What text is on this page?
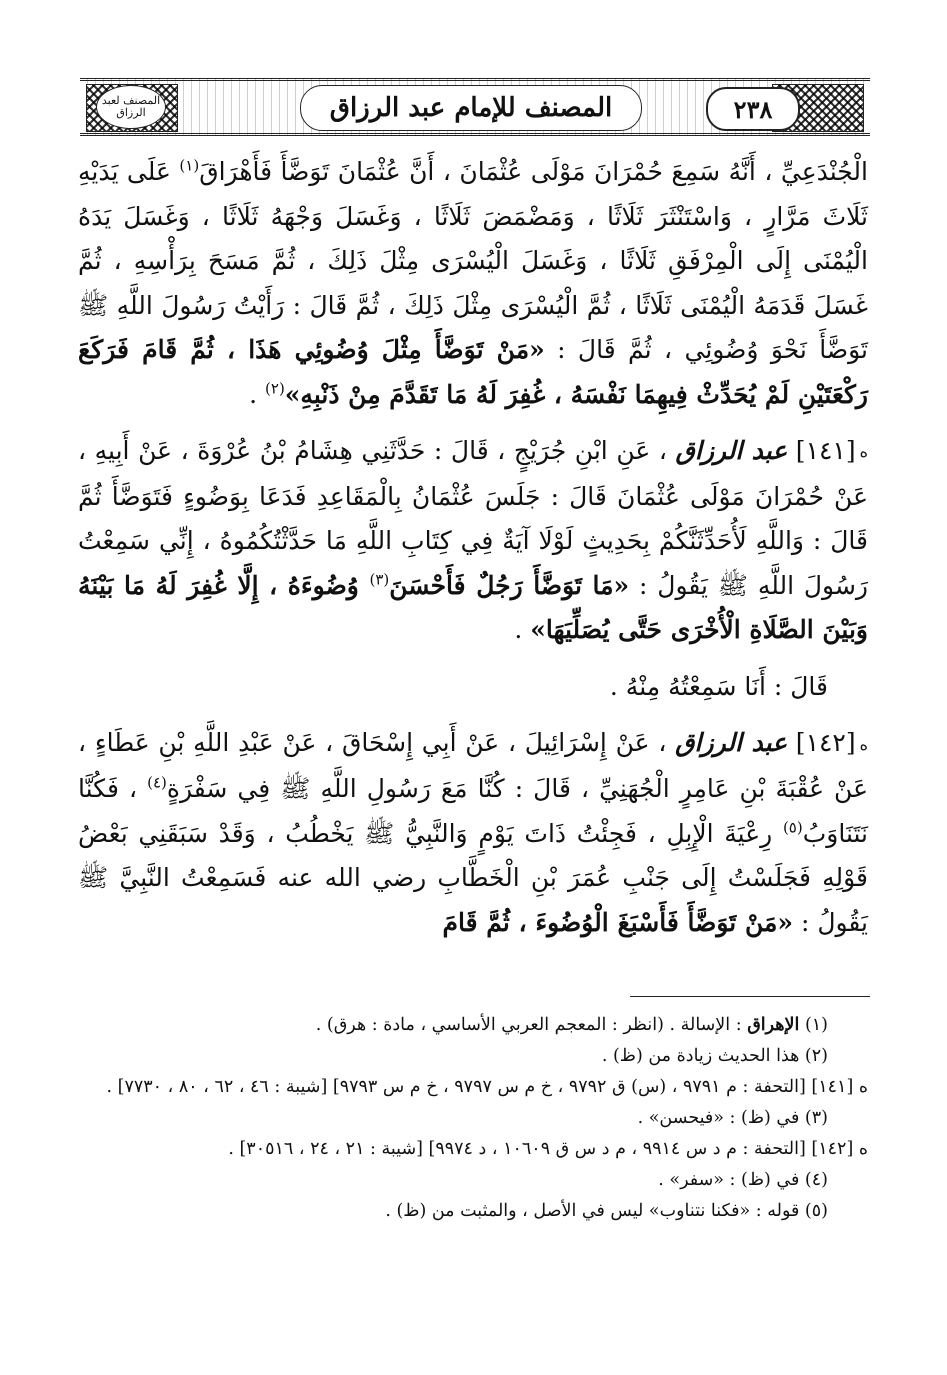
المصنف لعبد الرزاق	المصنف للإمام عبد الرزاق	٢٣٨

الْجُنْدَعِيِّ ، أَنَّهُ سَمِعَ حُمْرَانَ مَوْلَى عُثْمَانَ ، أَنَّ عُثْمَانَ تَوَضَّأَ فَأَهْرَاقَ$^{(١)}$ عَلَى يَدَيْهِ ثَلَاثَ مَرَّارٍ ، وَاسْتَنْثَرَ ثَلَاثًا ، وَمَضْمَضَ ثَلَاثًا ، وَغَسَلَ وَجْهَهُ ثَلَاثًا ، وَغَسَلَ يَدَهُ الْيُمْنَى إِلَى الْمِرْفَقِ ثَلَاثًا ، وَغَسَلَ الْيُسْرَى مِثْلَ ذَلِكَ ، ثُمَّ مَسَحَ بِرَأْسِهِ ، ثُمَّ غَسَلَ قَدَمَهُ الْيُمْنَى ثَلَاثًا ، ثُمَّ الْيُسْرَى مِثْلَ ذَلِكَ ، ثُمَّ قَالَ : رَأَيْتُ رَسُولَ اللَّهِ ﷺ تَوَضَّأَ نَحْوَ وُضُوئِي ، ثُمَّ قَالَ : «مَنْ تَوَضَّأَ مِثْلَ وُضُوئِي هَذَا ، ثُمَّ قَامَ فَرَكَعَ رَكْعَتَيْنِ لَمْ يُحَدِّثْ فِيهِمَا نَفْسَهُ ، غُفِرَ لَهُ مَا تَقَدَّمَ مِنْ ذَنْبِهِ»$^{(٢)}$ .

ه[١٤١] عبد الرزاق ، عَنِ ابْنِ جُرَيْجٍ ، قَالَ : حَدَّثَنِي هِشَامُ بْنُ عُرْوَةَ ، عَنْ أَبِيهِ ، عَنْ حُمْرَانَ مَوْلَى عُثْمَانَ قَالَ : جَلَسَ عُثْمَانُ بِالْمَقَاعِدِ فَدَعَا بِوَضُوءٍ فَتَوَضَّأَ ثُمَّ قَالَ : وَاللَّهِ لَأُحَدِّثَنَّكُمْ بِحَدِيثٍ لَوْلَا آيَةٌ فِي كِتَابِ اللَّهِ مَا حَدَّثْتُكُمُوهُ ، إِنِّي سَمِعْتُ رَسُولَ اللَّهِ ﷺ يَقُولُ : «مَا تَوَضَّأَ رَجُلٌ فَأَحْسَنَ$^{(٣)}$ وُضُوءَهُ ، إِلَّا غُفِرَ لَهُ مَا بَيْنَهُ وَبَيْنَ الصَّلَاةِ الْأُخْرَى حَتَّى يُصَلِّيَهَا» .

قَالَ : أَنَا سَمِعْتُهُ مِنْهُ .

ه[١٤٢] عبد الرزاق ، عَنْ إِسْرَائِيلَ ، عَنْ أَبِي إِسْحَاقَ ، عَنْ عَبْدِ اللَّهِ بْنِ عَطَاءٍ ، عَنْ عُقْبَةَ بْنِ عَامِرٍ الْجُهَنِيِّ ، قَالَ : كُنَّا مَعَ رَسُولِ اللَّهِ ﷺ فِي سَفْرَةٍ$^{(٤)}$ ، فَكُنَّا نَتَنَاوَبُ$^{(٥)}$ رِعْيَةَ الْإِبِلِ ، فَجِئْتُ ذَاتَ يَوْمٍ وَالنَّبِيُّ ﷺ يَخْطُبُ ، وَقَدْ سَبَقَنِي بَعْضُ قَوْلِهِ فَجَلَسْتُ إِلَى جَنْبِ عُمَرَ بْنِ الْخَطَّابِ رضي الله عنه فَسَمِعْتُ النَّبِيَّ ﷺ يَقُولُ : «مَنْ تَوَضَّأَ فَأَسْبَغَ الْوُضُوءَ ، ثُمَّ قَامَ

(١) الإهراق : الإسالة . (انظر : المعجم العربي الأساسي ، مادة : هرق) .
(٢) هذا الحديث زيادة من (ظ) .
ه [١٤١] [التحفة : م ٩٧٩١ ، (س) ق ٩٧٩٢ ، خ م س ٩٧٩٧ ، خ م س ٩٧٩٣] [شيبة : ٤٦ ، ٦٢ ، ٨٠ ، ٧٧٣٠] .
(٣) في (ظ) : «فيحسن» .
ه [١٤٢] [التحفة : م د س ٩٩١٤ ، م د س ق ١٠٦٠٩ ، د ٩٩٧٤] [شيبة : ٢١ ، ٢٤ ، ٣٠٥١٦] .
(٤) في (ظ) : «سفر» .
(٥) قوله : «فكنا نتناوب» ليس في الأصل ، والمثبت من (ظ) .
